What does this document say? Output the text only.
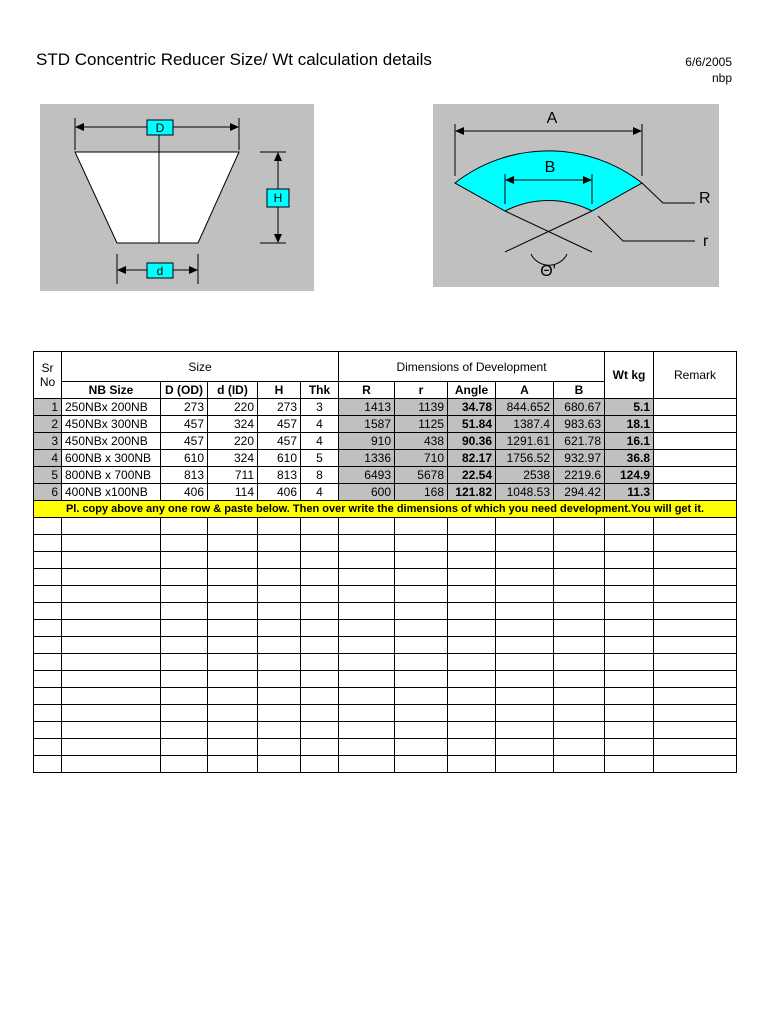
STD Concentric Reducer Size/ Wt calculation details	6/6/2005
nbp
D
H
d	Θ'
A
B
R
r
Sr No	Size					Dimensions of Development					Wt kg	Remark
	NB Size	D (OD)	d (ID)	H	Thk	R	r	Angle	A	B		
1	250NBx 200NB	273	220	273	3	1413	1139	34.78	844.652	680.67	5.1	
2	450NBx 300NB	457	324	457	4	1587	1125	51.84	1387.4	983.63	18.1	
3	450NBx 200NB	457	220	457	4	910	438	90.36	1291.61	621.78	16.1	
4	600NB x 300NB	610	324	610	5	1336	710	82.17	1756.52	932.97	36.8	
5	800NB x 700NB	813	711	813	8	6493	5678	22.54	2538	2219.6	124.9	
6	400NB x100NB	406	114	406	4	600	168	121.82	1048.53	294.42	11.3	
Pl. copy above any one row & paste below. Then over write the dimensions of which you need development.You will get it.												
